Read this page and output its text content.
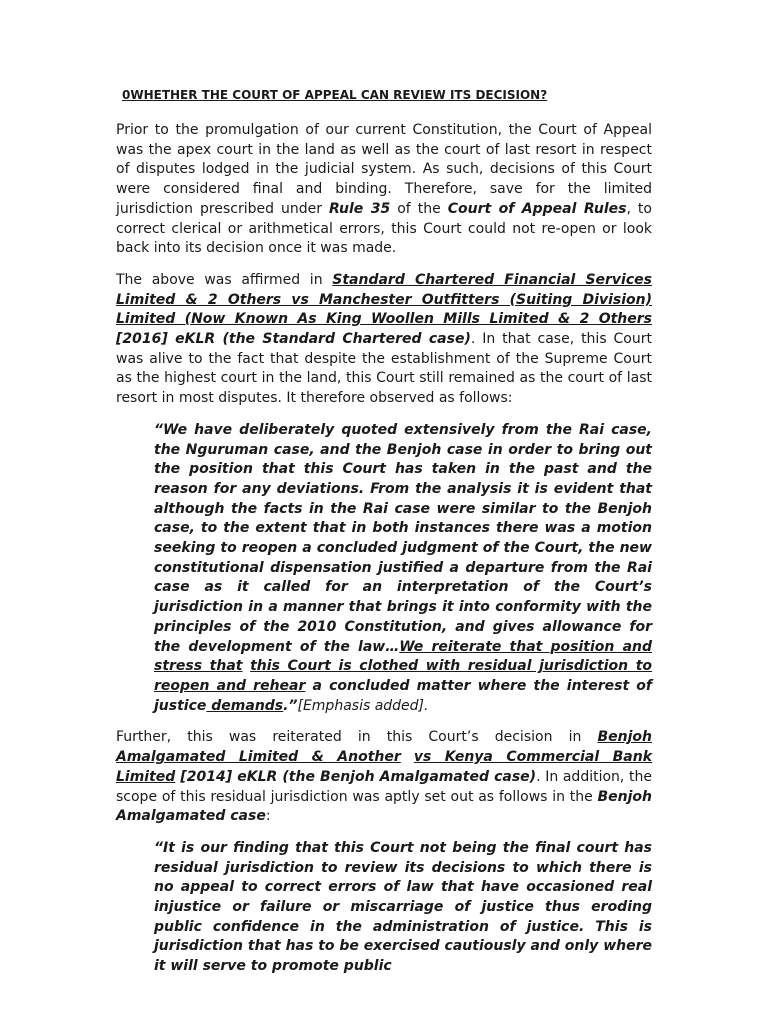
0WHETHER THE COURT OF APPEAL CAN REVIEW ITS DECISION?

Prior to the promulgation of our current Constitution, the Court of Appeal was the apex court in the land as well as the court of last resort in respect of disputes lodged in the judicial system. As such, decisions of this Court were considered final and binding. Therefore, save for the limited jurisdiction prescribed under Rule 35 of the Court of Appeal Rules, to correct clerical or arithmetical errors, this Court could not re-open or look back into its decision once it was made.

The above was affirmed in Standard Chartered Financial Services Limited & 2 Others vs Manchester Outfitters (Suiting Division) Limited (Now Known As King Woollen Mills Limited & 2 Others [2016] eKLR (the Standard Chartered case). In that case, this Court was alive to the fact that despite the establishment of the Supreme Court as the highest court in the land, this Court still remained as the court of last resort in most disputes. It therefore observed as follows:

“We have deliberately quoted extensively from the Rai case, the Nguruman case, and the Benjoh case in order to bring out the position that this Court has taken in the past and the reason for any deviations. From the analysis it is evident that although the facts in the Rai case were similar to the Benjoh case, to the extent that in both instances there was a motion seeking to reopen a concluded judgment of the Court, the new constitutional dispensation justified a departure from the Rai case as it called for an interpretation of the Court’s jurisdiction in a manner that brings it into conformity with the principles of the 2010 Constitution, and gives allowance for the development of the law…We reiterate that position and stress that this Court is clothed with residual jurisdiction to reopen and rehear a concluded matter where the interest of justice demands.”[Emphasis added].

Further, this was reiterated in this Court’s decision in Benjoh Amalgamated Limited & Another vs Kenya Commercial Bank Limited [2014] eKLR (the Benjoh Amalgamated case). In addition, the scope of this residual jurisdiction was aptly set out as follows in the Benjoh Amalgamated case:

“It is our finding that this Court not being the final court has residual jurisdiction to review its decisions to which there is no appeal to correct errors of law that have occasioned real injustice or failure or miscarriage of justice thus eroding public confidence in the administration of justice. This is jurisdiction that has to be exercised cautiously and only where it will serve to promote public
